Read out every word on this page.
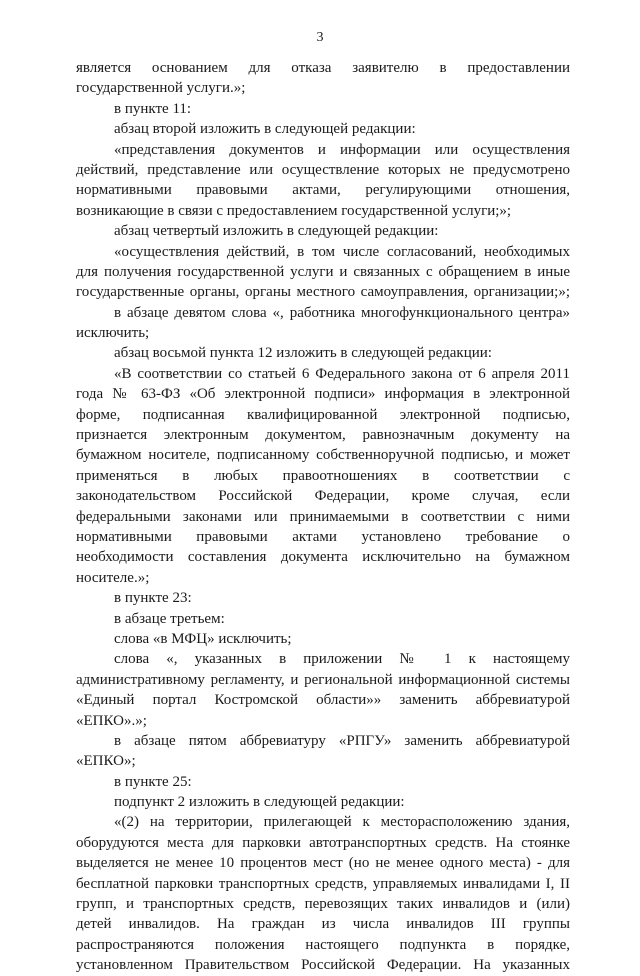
3
является основанием для отказа заявителю в предоставлении
государственной услуги.»;
в пункте 11:
абзац второй изложить в следующей редакции:
«представления документов и информации или осуществления
действий, представление или осуществление которых не предусмотрено
нормативными правовыми актами, регулирующими отношения,
возникающие в связи с предоставлением государственной услуги;»;
абзац четвертый изложить в следующей редакции:
«осуществления действий, в том числе согласований, необходимых
для получения государственной услуги и связанных с обращением в иные
государственные органы, органы местного самоуправления, организации;»;
в абзаце девятом слова «, работника многофункционального центра»
исключить;
абзац восьмой пункта 12 изложить в следующей редакции:
«В соответствии со статьей 6 Федерального закона от 6 апреля 2011
года № 63-ФЗ «Об электронной подписи» информация в электронной
форме, подписанная квалифицированной электронной подписью,
признается электронным документом, равнозначным документу на
бумажном носителе, подписанному собственноручной подписью, и может
применяться в любых правоотношениях в соответствии с
законодательством Российской Федерации, кроме случая, если
федеральными законами или принимаемыми в соответствии с ними
нормативными правовыми актами установлено требование о
необходимости составления документа исключительно на бумажном
носителе.»;
в пункте 23:
в абзаце третьем:
слова «в МФЦ» исключить;
слова «, указанных в приложении № 1 к настоящему
административному регламенту, и региональной информационной системы
«Единый портал Костромской области»» заменить аббревиатурой
«ЕПКО».»;
в абзаце пятом аббревиатуру «РПГУ» заменить аббревиатурой
«ЕПКО»;
в пункте 25:
подпункт 2 изложить в следующей редакции:
«(2) на территории, прилегающей к месторасположению здания,
оборудуются места для парковки автотранспортных средств. На стоянке
выделяется не менее 10 процентов мест (но не менее одного места) - для
бесплатной парковки транспортных средств, управляемых инвалидами I, II
групп, и транспортных средств, перевозящих таких инвалидов и (или)
детей инвалидов. На граждан из числа инвалидов III группы
распространяются положения настоящего подпункта в порядке,
установленном Правительством Российской Федерации. На указанных
